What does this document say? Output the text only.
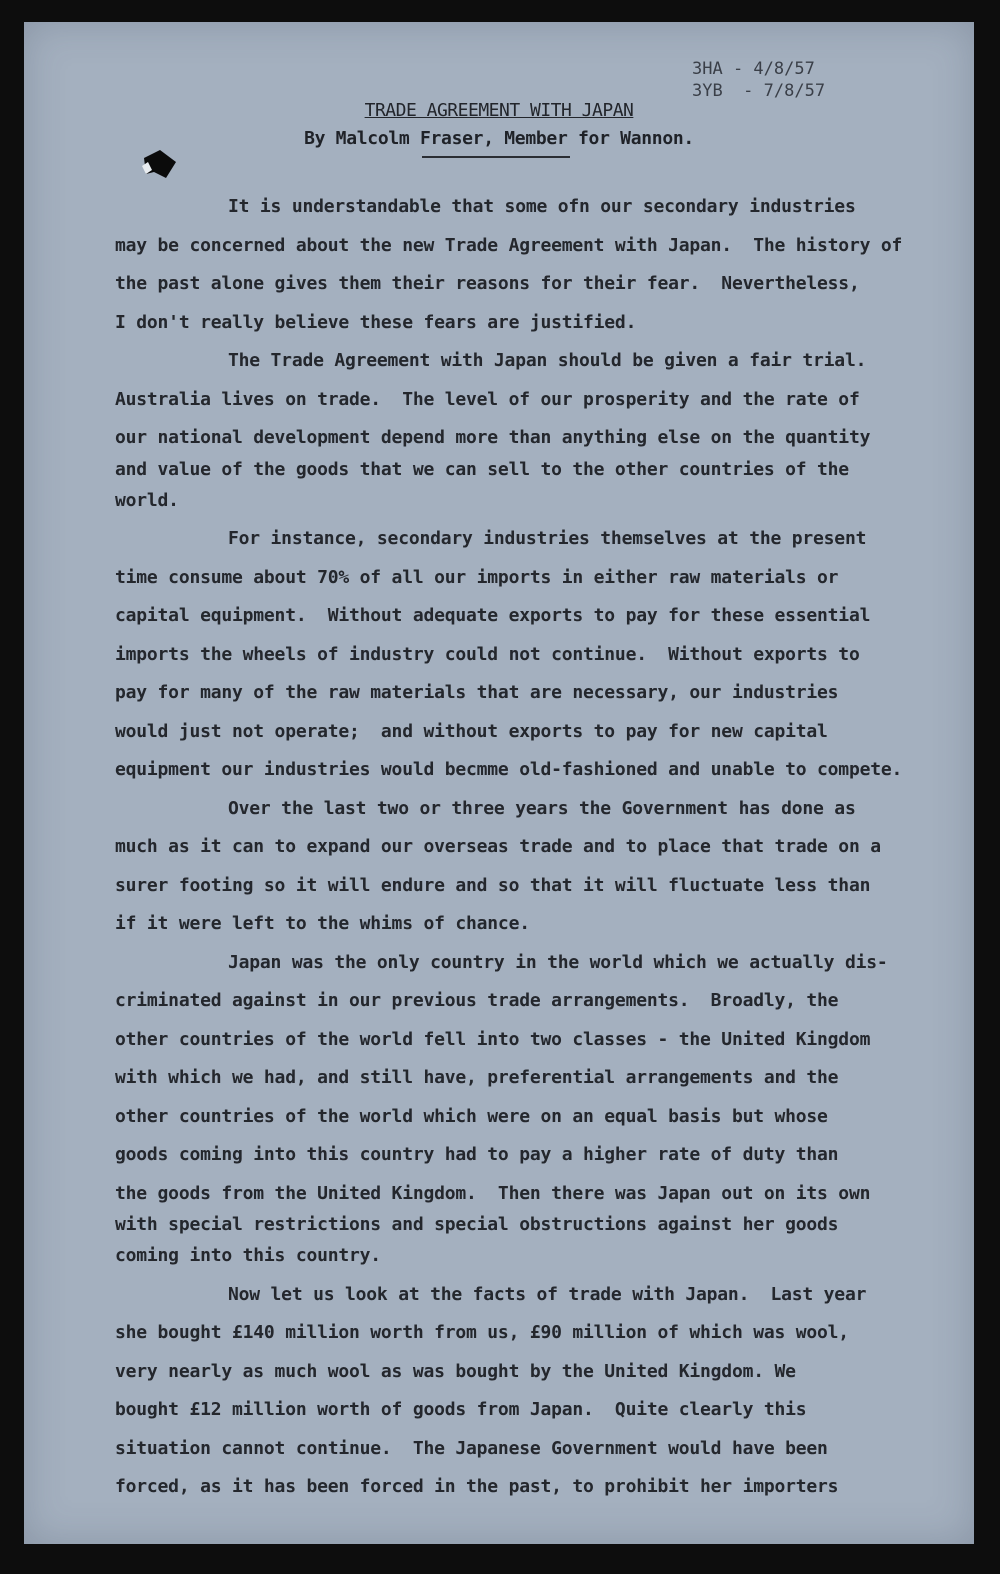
3HA - 4/8/57
3YB  - 7/8/57
TRADE AGREEMENT WITH JAPAN
By Malcolm Fraser, Member for Wannon.

It is understandable that some ofn our secondary industries
may be concerned about the new Trade Agreement with Japan.  The history of
the past alone gives them their reasons for their fear.  Nevertheless,
I don't really believe these fears are justified.

The Trade Agreement with Japan should be given a fair trial.
Australia lives on trade.  The level of our prosperity and the rate of
our national development depend more than anything else on the quantity
and value of the goods that we can sell to the other countries of the
world.

For instance, secondary industries themselves at the present
time consume about 70% of all our imports in either raw materials or
capital equipment.  Without adequate exports to pay for these essential
imports the wheels of industry could not continue.  Without exports to
pay for many of the raw materials that are necessary, our industries
would just not operate;  and without exports to pay for new capital
equipment our industries would becmme old-fashioned and unable to compete.

Over the last two or three years the Government has done as
much as it can to expand our overseas trade and to place that trade on a
surer footing so it will endure and so that it will fluctuate less than
if it were left to the whims of chance.

Japan was the only country in the world which we actually dis-
criminated against in our previous trade arrangements.  Broadly, the
other countries of the world fell into two classes - the United Kingdom
with which we had, and still have, preferential arrangements and the
other countries of the world which were on an equal basis but whose
goods coming into this country had to pay a higher rate of duty than
the goods from the United Kingdom.  Then there was Japan out on its own
with special restrictions and special obstructions against her goods
coming into this country.

Now let us look at the facts of trade with Japan.  Last year
she bought £140 million worth from us, £90 million of which was wool,
very nearly as much wool as was bought by the United Kingdom. We
bought £12 million worth of goods from Japan.  Quite clearly this
situation cannot continue.  The Japanese Government would have been
forced, as it has been forced in the past, to prohibit her importers
